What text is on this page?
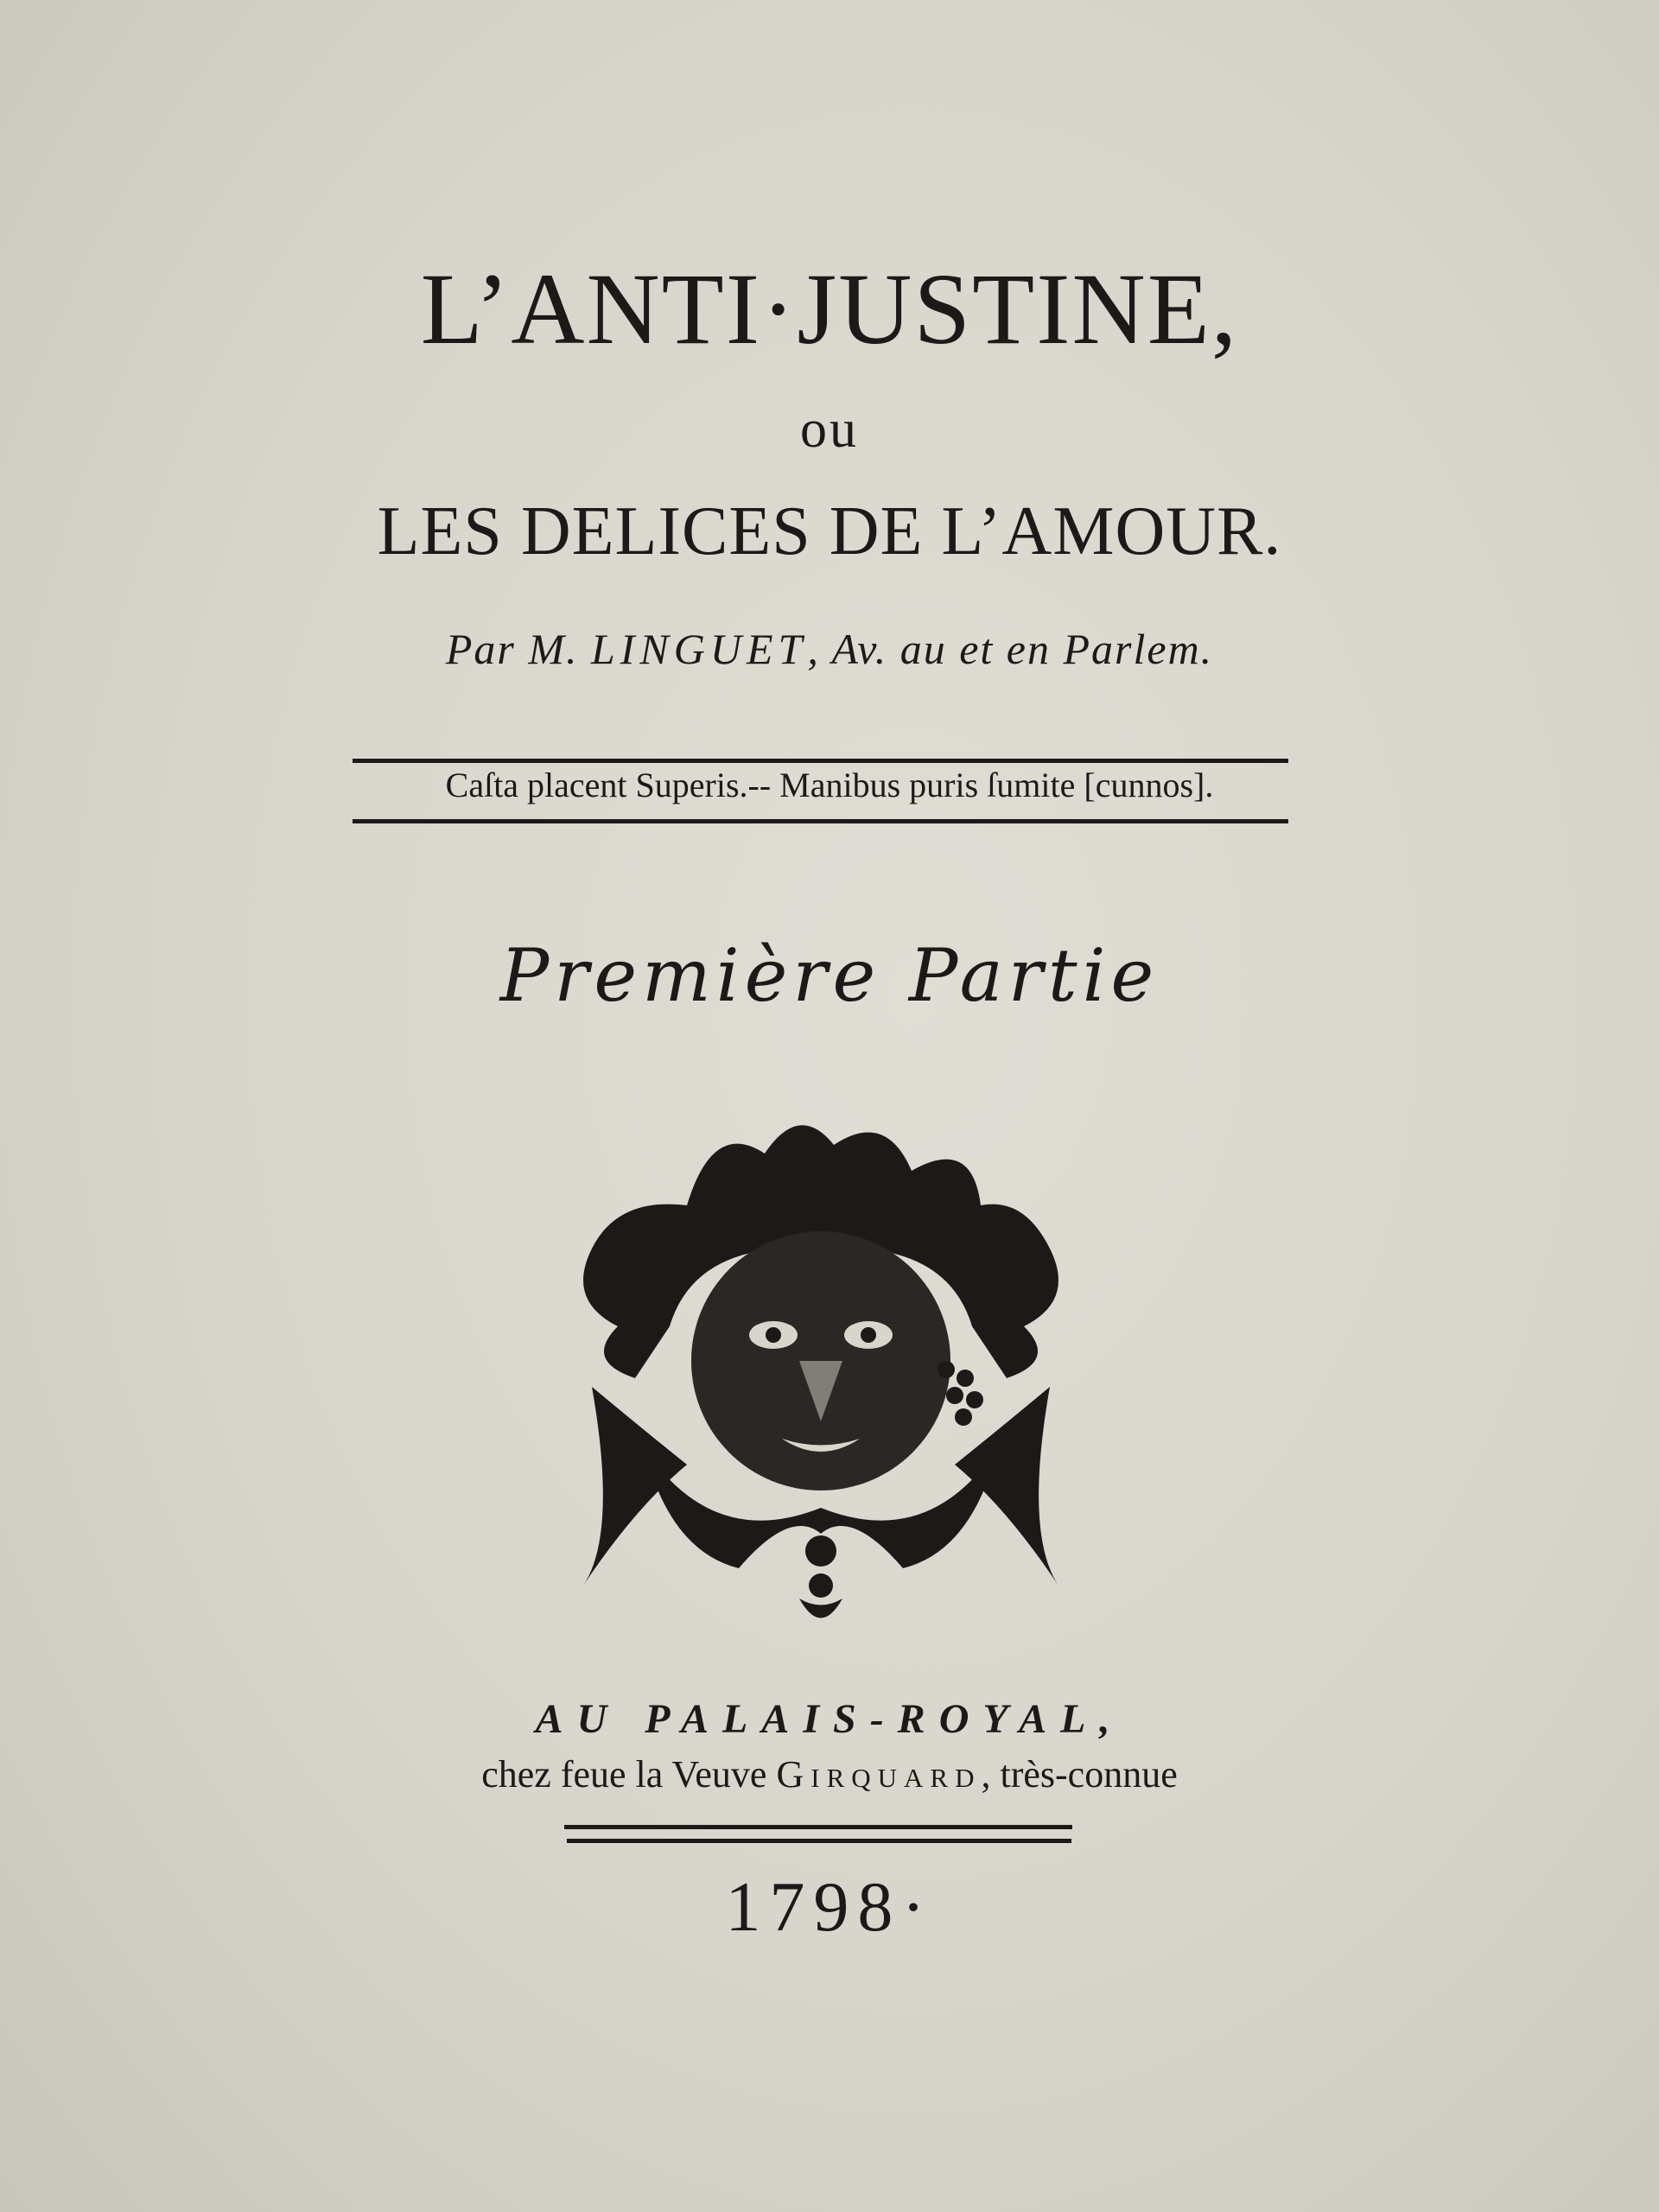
L’ANTI·JUSTINE,
ou
LES DELICES DE L’AMOUR.
Par M. LINGUET, Av. au et en Parlem.
Caſta placent Superis.-- Manibus puris ſumite [cunnos].
Première Partie
AU PALAIS-ROYAL,
chez feue la Veuve Girquard, très-connue
1798·
